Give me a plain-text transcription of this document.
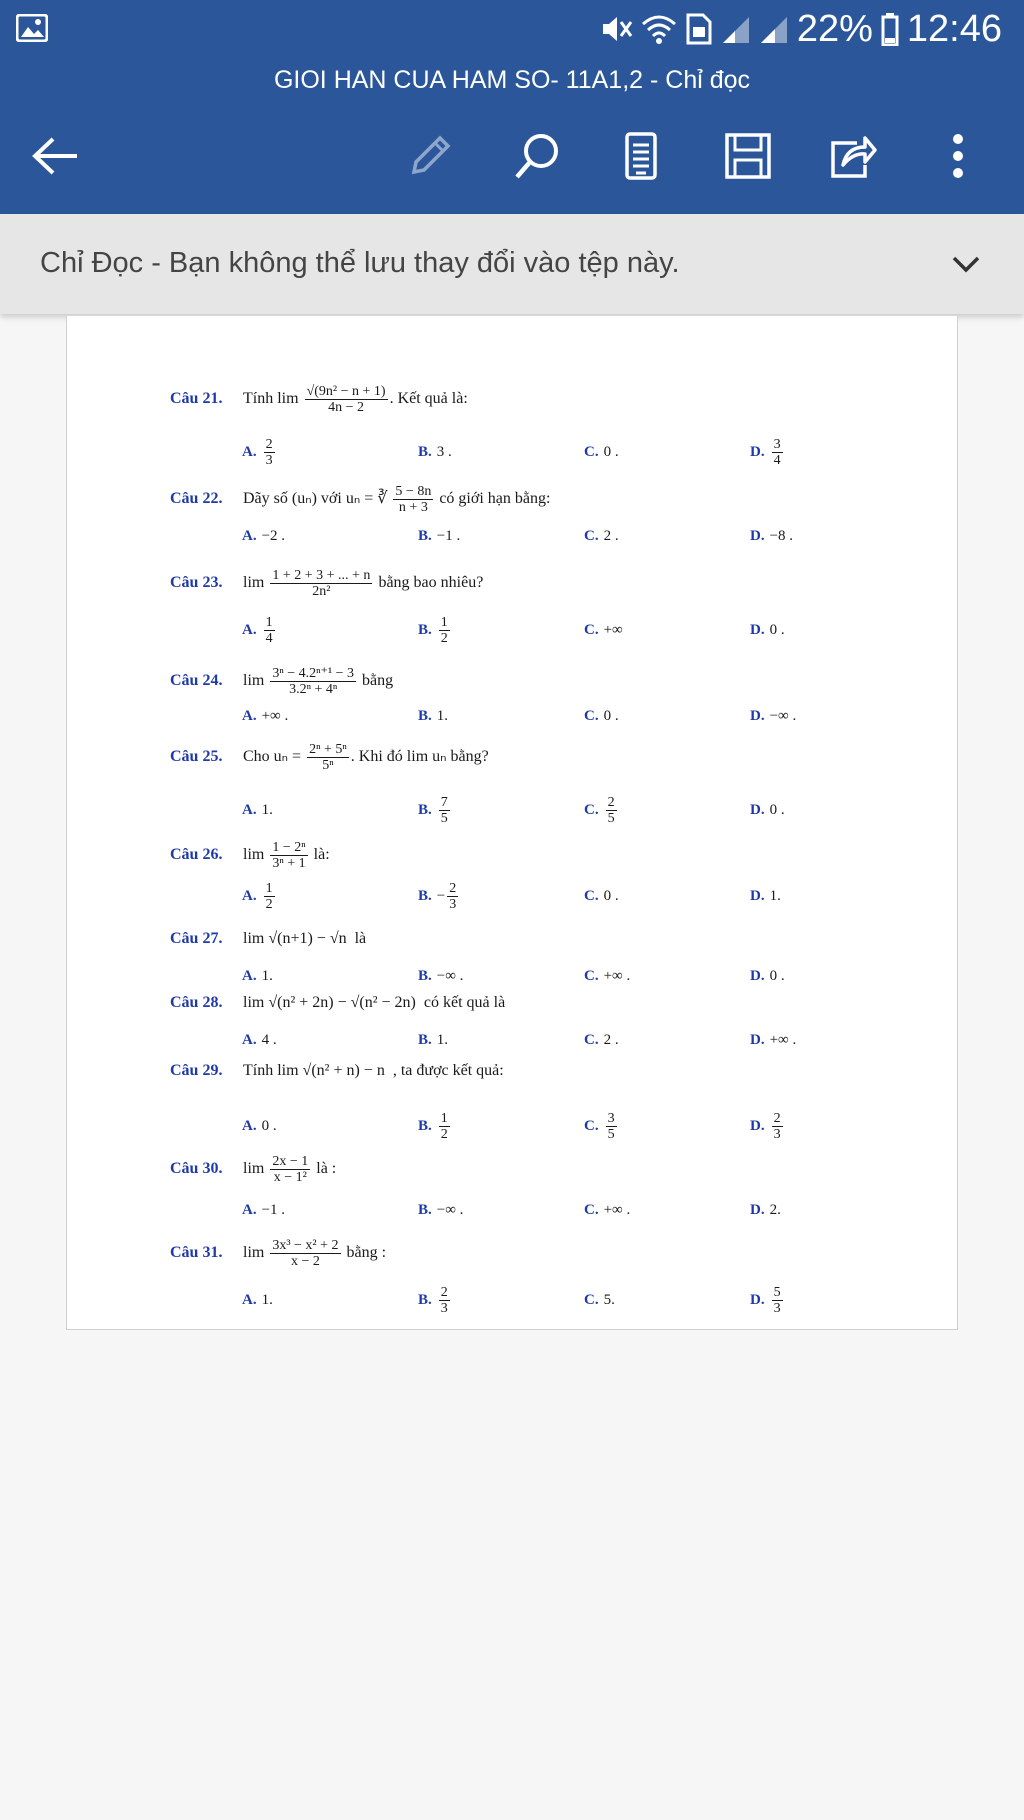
22% 12:46
GIOI HAN CUA HAM SO- 11A1,2 - Chỉ đọc
Chỉ Đọc - Bạn không thể lưu thay đổi vào tệp này.
Câu 21. Tính $\lim \frac{\text{√(9n² − n + 1)}}{4n - 2}$ . Kết quả là:
A. $\frac{2}{3}$	B. 3 .	C. 0 .	D. $\frac{3}{4}$
Câu 22. Dãy số (uₙ) với uₙ = ∛ $\frac{5 - 8n}{n + 3}$ có giới hạn bằng:
A. −2 .	B. −1 .	C. 2 .	D. −8 .
Câu 23. $\lim \frac{1 + 2 + 3 + ... + n}{\text{2n²}}$ bằng bao nhiêu?
A. $\frac{1}{4}$	B. $\frac{1}{2}$	C. +∞	D. 0 .
Câu 24. $\lim \frac{\text{3ⁿ − 4.2ⁿ⁺¹ − 3}}{\text{3.2ⁿ + 4ⁿ}}$ bằng
A. +∞ .	B. 1.	C. 0 .	D. −∞ .
Câu 25. Cho $u_n = \frac{\text{2ⁿ + 5ⁿ}}{\text{5ⁿ}}$ . Khi đó lim uₙ bằng?
A. 1.	B. $\frac{7}{5}$	C. $\frac{2}{5}$	D. 0 .
Câu 26. $\lim \frac{\text{1 − 2ⁿ}}{\text{3ⁿ + 1}}$ là:
A. $\frac{1}{2}$	B. − $\frac{2}{3}$	C. 0 .	D. 1.
Câu 27. lim √(n+1) − √n là
A. 1.	B. −∞ .	C. +∞ .	D. 0 .
Câu 28. lim √(n² + 2n) − √(n² − 2n) có kết quả là
A. 4 .	B. 1.	C. 2 .	D. +∞ .
Câu 29. Tính lim √(n² + n) − n , ta được kết quả:
A. 0 .	B. $\frac{1}{2}$	C. $\frac{3}{5}$	D. $\frac{2}{3}$
Câu 30. $\lim \frac{2x - 1}{\text{x − 1²}}$ là :
A. −1 .	B. −∞ .	C. +∞ .	D. 2.
Câu 31. $\lim \frac{\text{3x³ − x² + 2}}{x - 2}$ bằng :
A. 1.	B. $\frac{2}{3}$	C. 5.	D. $\frac{5}{3}$
